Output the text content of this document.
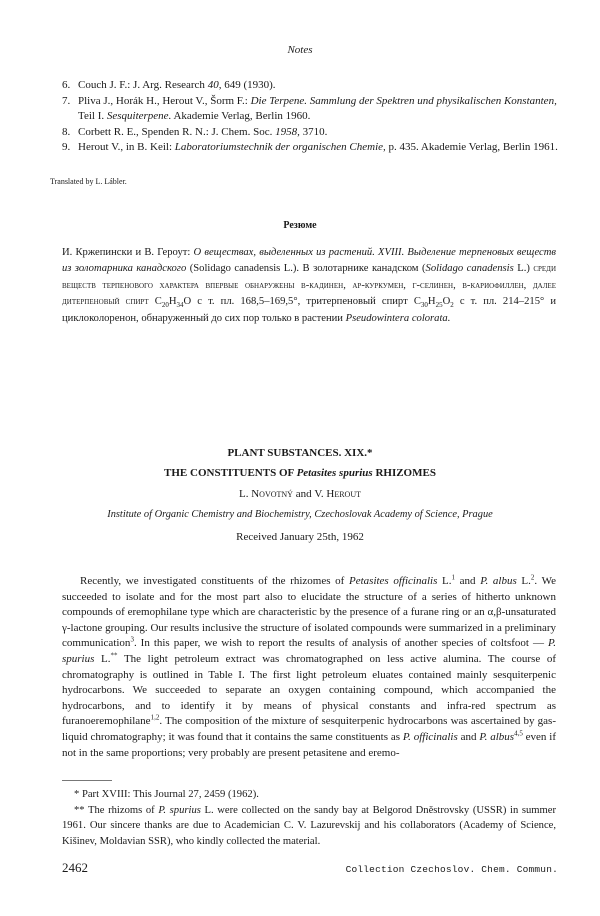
Notes
6. Couch J. F.: J. Arg. Research 40, 649 (1930).
7. Pliva J., Horák H., Herout V., Šorm F.: Die Terpene. Sammlung der Spektren und physikalischen Konstanten, Teil I. Sesquiterpene. Akademie Verlag, Berlin 1960.
8. Corbett R. E., Spenden R. N.: J. Chem. Soc. 1958, 3710.
9. Herout V., in B. Keil: Laboratoriumstechnik der organischen Chemie, p. 435. Akademie Verlag, Berlin 1961.
Translated by L. Lábler.
Резюме
И. Кржепински и В. Героут: О веществах, выделенных из растений. XVIII. Выделение терпеновых веществ из золотарника канадского (Solidago canadensis L.). В золотарнике канадском (Solidago canadensis L.) среди веществ терпенового характера впервые обнаружены β-кадинен, ар-куркумен, γ-селинен, β-кариофиллен, далее дитерпеновый спирт $C_{20}H_{34}O$ с т. пл. 168,5–169,5°, тритерпеновый спирт $C_{30}H_{25}O_2$ с т. пл. 214–215° и циклоколоренон, обнаруженный до сих пор только в растении Pseudowintera colorata.
PLANT SUBSTANCES. XIX.*
THE CONSTITUENTS OF Petasites spurius RHIZOMES
L. Novotný and V. Herout
Institute of Organic Chemistry and Biochemistry, Czechoslovak Academy of Science, Prague
Received January 25th, 1962

Recently, we investigated constituents of the rhizomes of Petasites officinalis L.$^1$ and P. albus L.$^2$. We succeeded to isolate and for the most part also to elucidate the structure of a series of hitherto unknown compounds of eremophilane type which are characteristic by the presence of a furane ring or an α,β-unsaturated γ-lactone grouping. Our results inclusive the structure of isolated compounds were summarized in a preliminary communication$^3$. In this paper, we wish to report the results of analysis of another species of coltsfoot — P. spurius L.** The light petroleum extract was chromatographed on less active alumina. The course of chromatography is outlined in Table I. The first light petroleum eluates contained mainly sesquiterpenic hydrocarbons. We succeeded to separate an oxygen containing compound, which accompanied the hydrocarbons, and to identify it by means of physical constants and infra-red spectrum as furanoeremophilane$^{1,2}$. The composition of the mixture of sesquiterpenic hydrocarbons was ascertained by gas-liquid chromatography; it was found that it contains the same constituents as P. officinalis and P. albus$^{4,5}$ even if not in the same proportions; very probably are present petasitene and eremo-

* Part XVIII: This Journal 27, 2459 (1962).

** The rhizoms of P. spurius L. were collected on the sandy bay at Belgorod Dněstrovsky (USSR) in summer 1961. Our sincere thanks are due to Academician C. V. Lazurevskij and his collaborators (Academy of Science, Kišinev, Moldavian SSR), who kindly collected the material.

2462	Collection Czechoslov. Chem. Commun.
